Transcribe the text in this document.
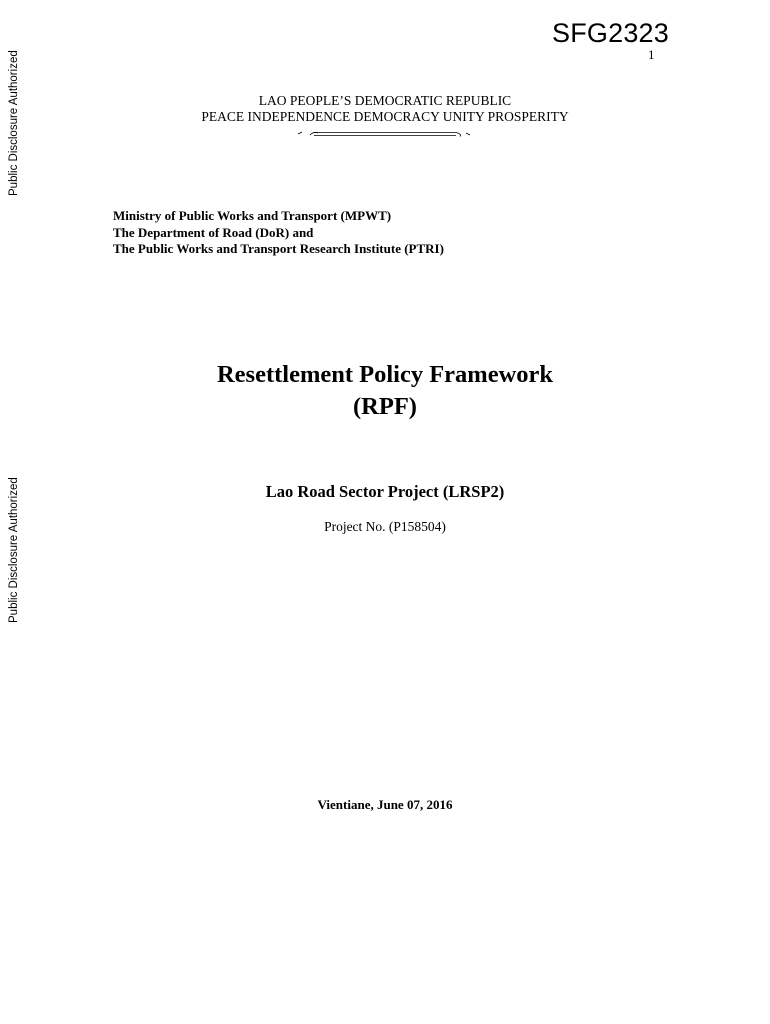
Public Disclosure Authorized
Public Disclosure Authorized
SFG2323
1
LAO PEOPLE’S DEMOCRATIC REPUBLIC
PEACE INDEPENDENCE DEMOCRACY UNITY PROSPERITY
Ministry of Public Works and Transport (MPWT)
The Department of Road (DoR) and
The Public Works and Transport Research Institute (PTRI)
Resettlement Policy Framework
(RPF)
Lao Road Sector Project (LRSP2)
Project No. (P158504)
Vientiane, June 07, 2016
